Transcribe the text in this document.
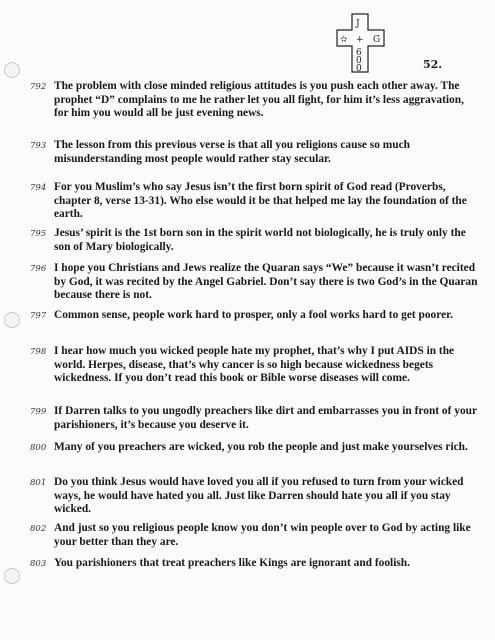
J
✫ + G
6
0
0	52.
792 The problem with close minded religious attitudes is you push each other away. The prophet “D” complains to me he rather let you all fight, for him it’s less aggravation, for him you would all be just evening news.
793 The lesson from this previous verse is that all you religions cause so much misunderstanding most people would rather stay secular.
794 For you Muslim’s who say Jesus isn’t the first born spirit of God read (Proverbs, chapter 8, verse 13-31). Who else would it be that helped me lay the foundation of the earth.
795 Jesus’ spirit is the 1st born son in the spirit world not biologically, he is truly only the son of Mary biologically.
796 I hope you Christians and Jews realize the Quaran says “We” because it wasn’t recited by God, it was recited by the Angel Gabriel. Don’t say there is two God’s in the Quaran because there is not.
797 Common sense, people work hard to prosper, only a fool works hard to get poorer.
798 I hear how much you wicked people hate my prophet, that’s why I put AIDS in the world. Herpes, disease, that’s why cancer is so high because wickedness begets wickedness. If you don’t read this book or Bible worse diseases will come.
799 If Darren talks to you ungodly preachers like dirt and embarrasses you in front of your parishioners, it’s because you deserve it.
800 Many of you preachers are wicked, you rob the people and just make yourselves rich.
801 Do you think Jesus would have loved you all if you refused to turn from your wicked ways, he would have hated you all. Just like Darren should hate you all if you stay wicked.
802 And just so you religious people know you don’t win people over to God by acting like your better than they are.
803 You parishioners that treat preachers like Kings are ignorant and foolish.
